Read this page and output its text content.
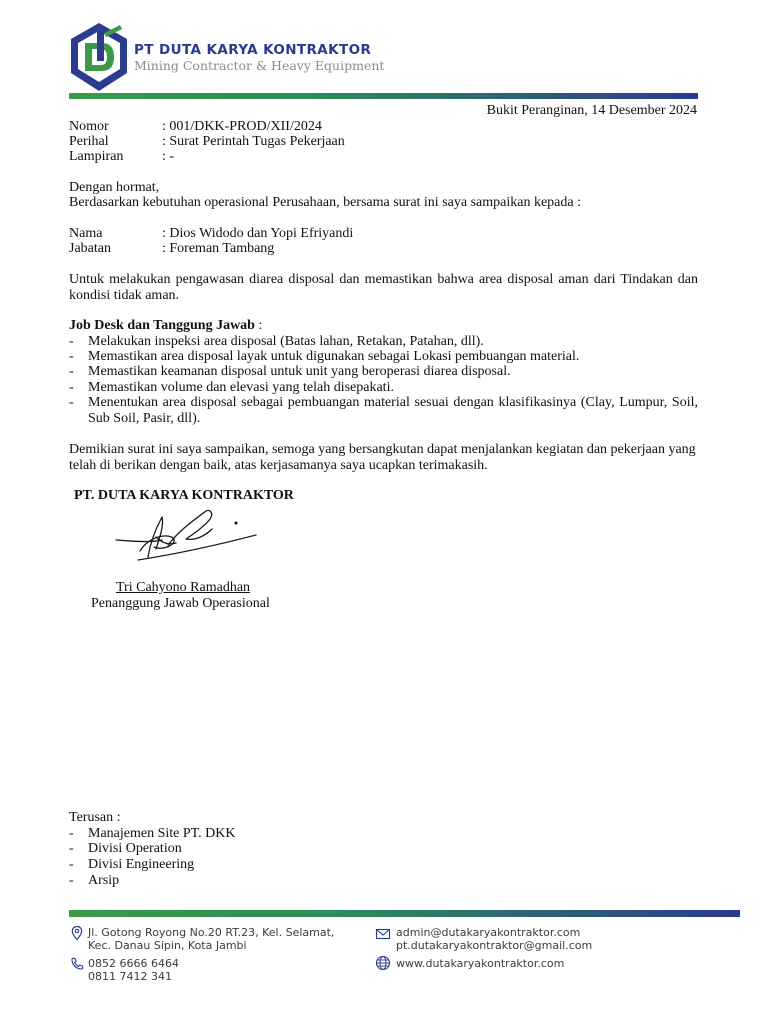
PT DUTA KARYA KONTRAKTOR
Mining Contractor & Heavy Equipment
Bukit Peranginan, 14 Desember 2024
Nomor	: 001/DKK-PROD/XII/2024
Perihal	: Surat Perintah Tugas Pekerjaan
Lampiran	: -
Dengan hormat,
Berdasarkan kebutuhan operasional Perusahaan, bersama surat ini saya sampaikan kepada :
Nama	: Dios Widodo dan Yopi Efriyandi
Jabatan	: Foreman Tambang
Untuk melakukan pengawasan diarea disposal dan memastikan bahwa area disposal aman dari Tindakan dan kondisi tidak aman.
Job Desk dan Tanggung Jawab :
- Melakukan inspeksi area disposal (Batas lahan, Retakan, Patahan, dll).
- Memastikan area disposal layak untuk digunakan sebagai Lokasi pembuangan material.
- Memastikan keamanan disposal untuk unit yang beroperasi diarea disposal.
- Memastikan volume dan elevasi yang telah disepakati.
- Menentukan area disposal sebagai pembuangan material sesuai dengan klasifikasinya (Clay, Lumpur, Soil, Sub Soil, Pasir, dll).
Demikian surat ini saya sampaikan, semoga yang bersangkutan dapat menjalankan kegiatan dan pekerjaan yang telah di berikan dengan baik, atas kerjasamanya saya ucapkan terimakasih.
PT. DUTA KARYA KONTRAKTOR
Tri Cahyono Ramadhan
Penanggung Jawab Operasional
Terusan :
- Manajemen Site PT. DKK
- Divisi Operation
- Divisi Engineering
- Arsip
Jl. Gotong Royong No.20 RT.23, Kel. Selamat,
Kec. Danau Sipin, Kota Jambi
0852 6666 6464
0811 7412 341
admin@dutakaryakontraktor.com
pt.dutakaryakontraktor@gmail.com
www.dutakaryakontraktor.com
